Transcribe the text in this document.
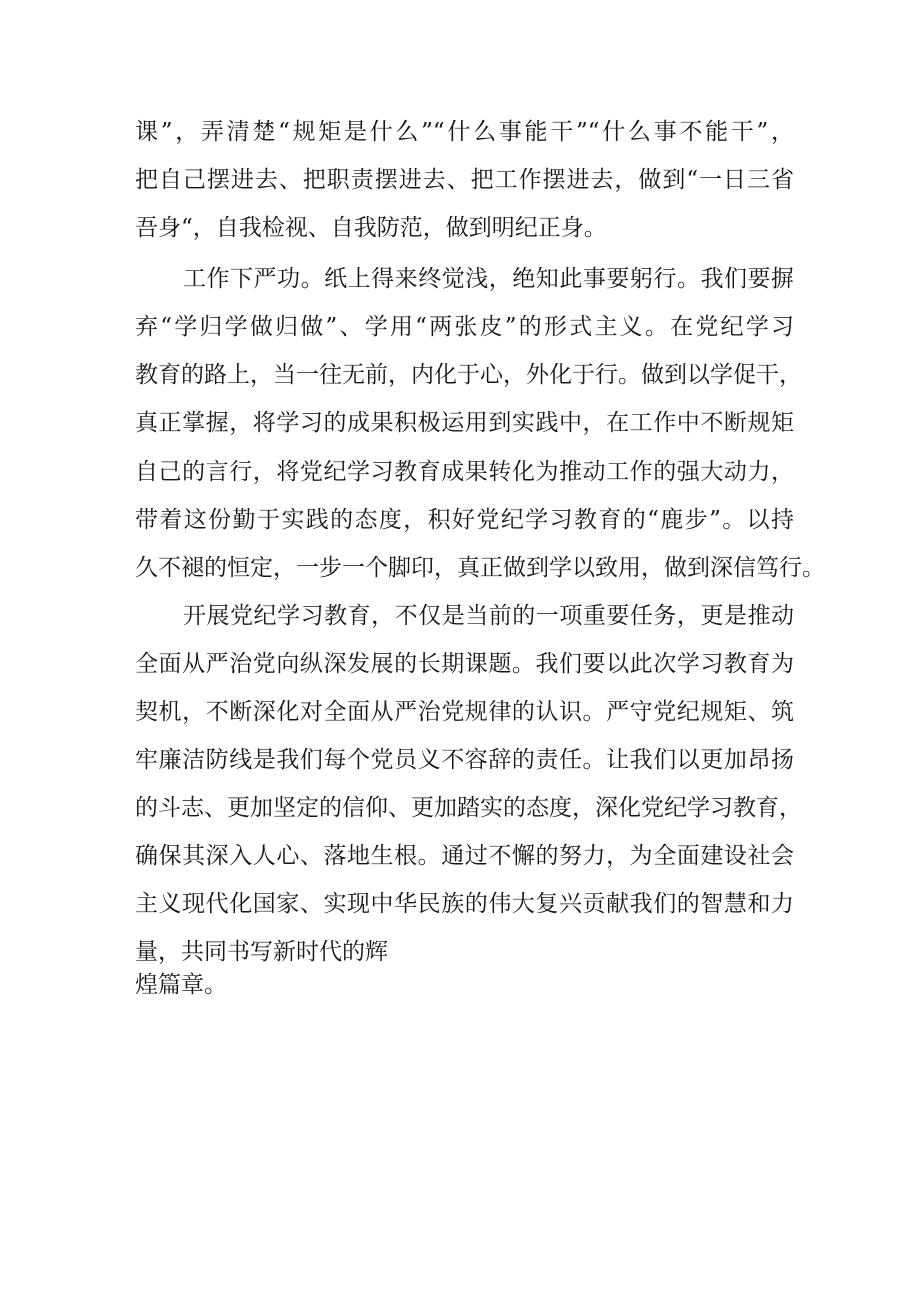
课”，弄清楚“规矩是什么”“什么事能干”“什么事不能干”，
把自己摆进去、把职责摆进去、把工作摆进去，做到“一日三省
吾身“，自我检视、自我防范，做到明纪正身。
工作下严功。纸上得来终觉浅，绝知此事要躬行。我们要摒
弃“学归学做归做”、学用“两张皮”的形式主义。在党纪学习
教育的路上，当一往无前，内化于心，外化于行。做到以学促干，
真正掌握，将学习的成果积极运用到实践中，在工作中不断规矩
自己的言行，将党纪学习教育成果转化为推动工作的强大动力，
带着这份勤于实践的态度，积好党纪学习教育的“鹿步”。以持
久不褪的恒定，一步一个脚印，真正做到学以致用，做到深信笃行。
开展党纪学习教育，不仅是当前的一项重要任务，更是推动
全面从严治党向纵深发展的长期课题。我们要以此次学习教育为
契机，不断深化对全面从严治党规律的认识。严守党纪规矩、筑
牢廉洁防线是我们每个党员义不容辞的责任。让我们以更加昂扬
的斗志、更加坚定的信仰、更加踏实的态度，深化党纪学习教育，
确保其深入人心、落地生根。通过不懈的努力，为全面建设社会
主义现代化国家、实现中华民族的伟大复兴贡献我们的智慧和力
量，共同书写新时代的辉
煌篇章。
